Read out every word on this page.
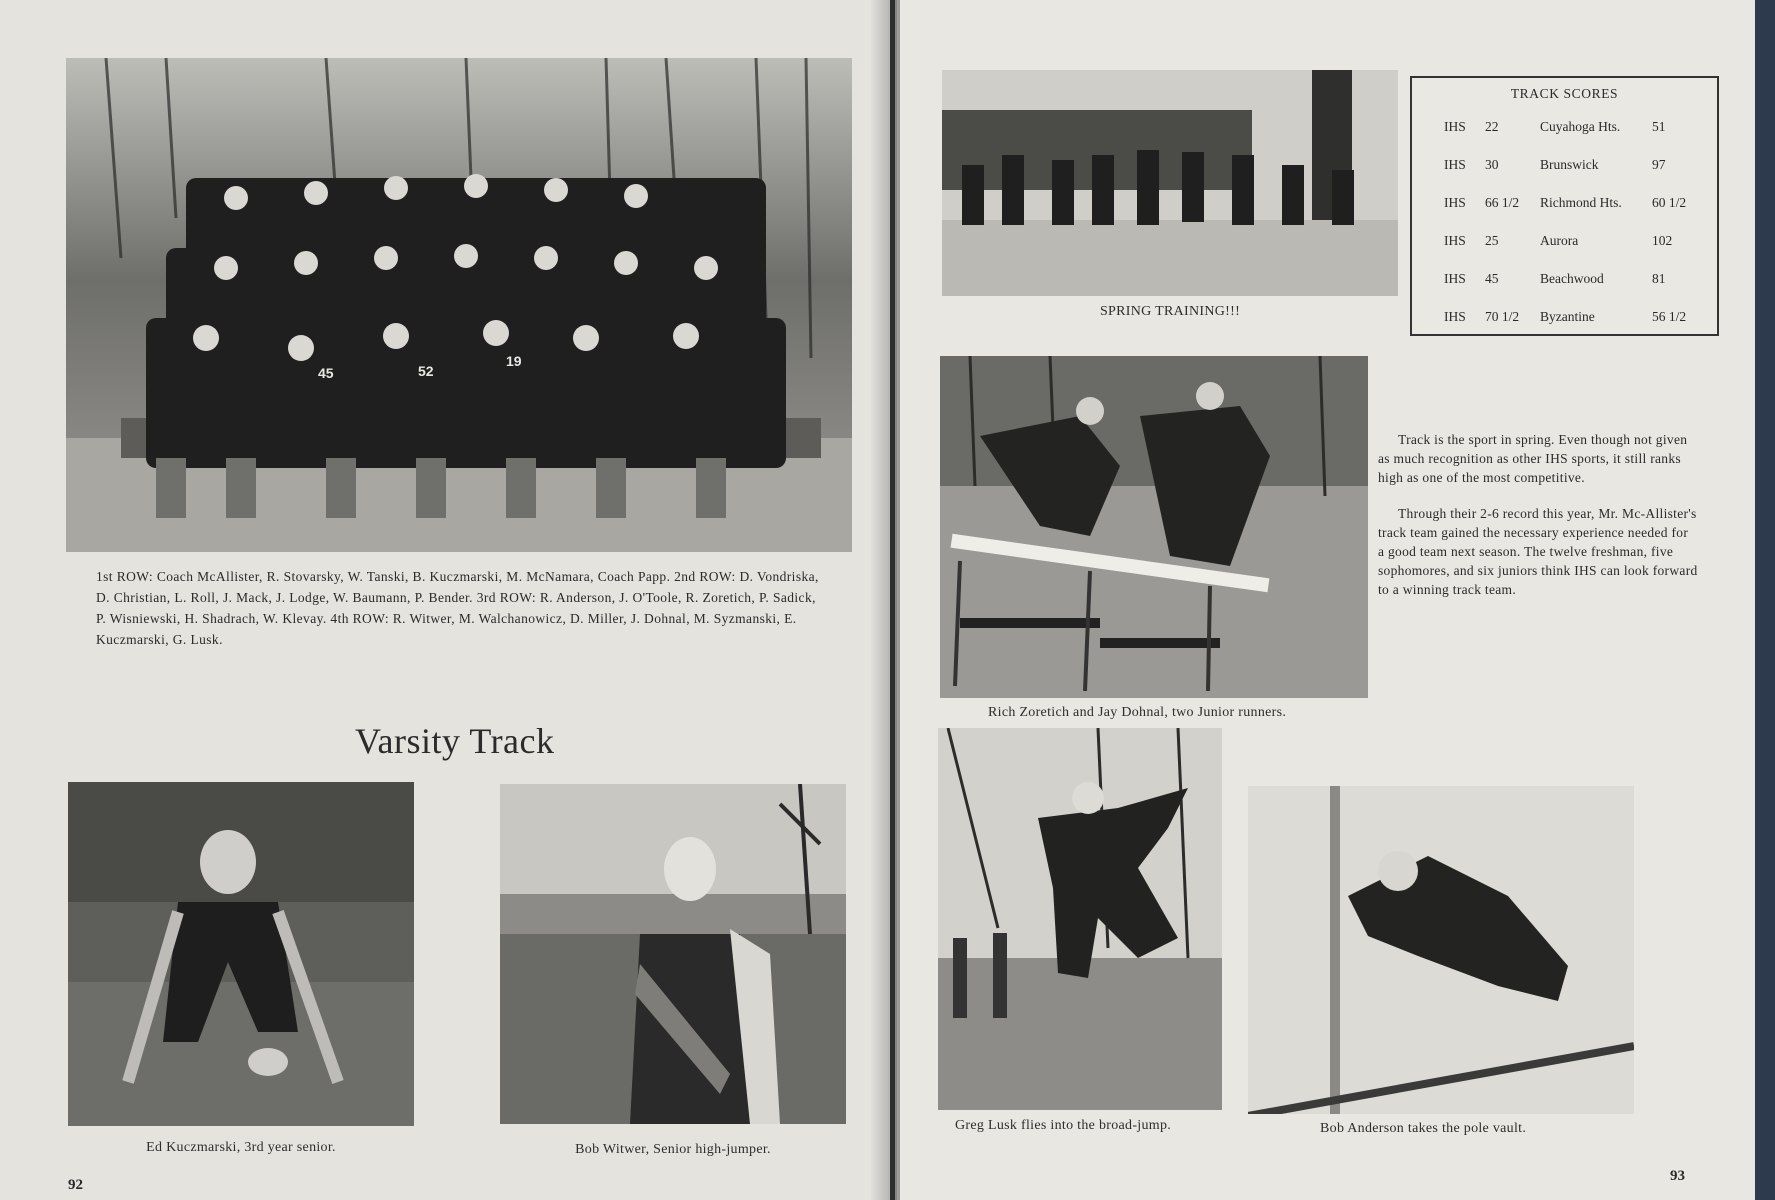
45	52
19
1st ROW: Coach McAllister, R. Stovarsky, W. Tanski, B. Kuczmarski, M. McNamara, Coach Papp. 2nd ROW: D. Vondriska, D. Christian, L. Roll, J. Mack, J. Lodge, W. Baumann, P. Bender. 3rd ROW: R. Anderson, J. O'Toole, R. Zoretich, P. Sadick, P. Wisniewski, H. Shadrach, W. Klevay. 4th ROW: R. Witwer, M. Walchanowicz, D. Miller, J. Dohnal, M. Syzmanski, E. Kuczmarski, G. Lusk.
Varsity Track
Ed Kuczmarski, 3rd year senior.	Bob Witwer, Senior high-jumper.
92
SPRING TRAINING!!!
TRACK SCORES
IHS 22	Cuyahoga Hts. 51
IHS 30	Brunswick	97
IHS 66 1/2 Richmond Hts. 60 1/2
IHS 25	Aurora	102
IHS 45	Beachwood	81
IHS 70 1/2 Byzantine	56 1/2
Rich Zoretich and Jay Dohnal, two Junior runners.

Track is the sport in spring. Even though not given as much recognition as other IHS sports, it still ranks high as one of the most competitive.

Through their 2-6 record this year, Mr. Mc-Allister's track team gained the necessary experience needed for a good team next season. The twelve freshman, five sophomores, and six juniors think IHS can look forward to a winning track team.

Greg Lusk flies into the broad-jump.	Bob Anderson takes the pole vault.
93
